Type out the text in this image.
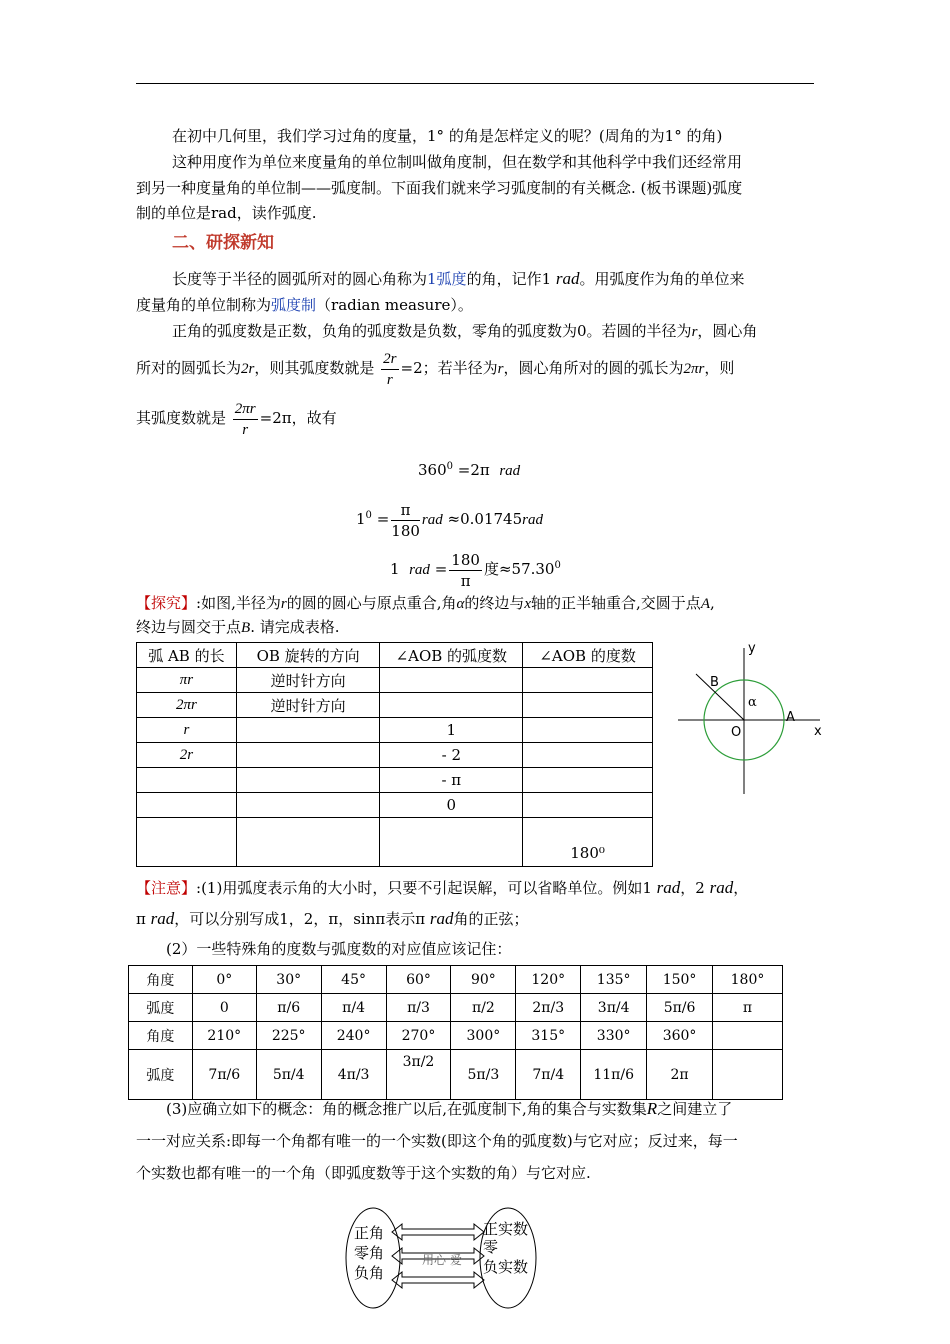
在初中几何里，我们学习过角的度量，1° 的角是怎样定义的呢？(周角的为1° 的角)
这种用度作为单位来度量角的单位制叫做角度制，但在数学和其他科学中我们还经常用
到另一种度量角的单位制——弧度制。下面我们就来学习弧度制的有关概念. (板书课题)弧度
制的单位是rad，读作弧度.
二、研探新知
长度等于半径的圆弧所对的圆心角称为1弧度的角，记作1 rad。用弧度作为角的单位来
度量角的单位制称为弧度制（radian measure）。
正角的弧度数是正数，负角的弧度数是负数，零角的弧度数为0。若圆的半径为r，圆心角
所对的圆弧长为2r，则其弧度数就是 $\frac{2r}{r} =2$；若半径为r，圆心角所对的圆的弧长为2πr，则
其弧度数就是 $\frac{2\pi r}{r} =2\pi$，故有
$360^0 =2\pi$ rad
$1^0 = \frac{\pi}{180}$ rad ≈0.01745rad
1 rad = $\frac{180}{\pi}$ 度$\approx 57.30^0$
【探究】:如图,半径为r的圆的圆心与原点重合,角α的终边与x轴的正半轴重合,交圆于点A,
终边与圆交于点B. 请完成表格.
弧 AB 的长	OB 旋转的方向	∠AOB 的弧度数	∠AOB 的度数
πr	逆时针方向		
2πr	逆时针方向		
r		1	
2r		- 2	
		- π	
		0	
			180⁰
y
x
O
A
B
α
【注意】:(1)用弧度表示角的大小时，只要不引起误解，可以省略单位。例如1 rad，2 rad，
π rad，可以分别写成1，2，π，sinπ表示π rad角的正弦；
(2）一些特殊角的度数与弧度数的对应值应该记住：
角度	0°	30°	45°	60°	90°	120°	135°	150°	180°
弧度	0	π/6	π/4	π/3	π/2	2π/3	3π/4	5π/6	π
角度	210°	225°	240°	270°	300°	315°	330°	360°	
弧度	7π/6	5π/4	4π/3	3π/2	5π/3	7π/4	11π/6	2π	
(3)应确立如下的概念：角的概念推广以后,在弧度制下,角的集合与实数集R之间建立了
一一对应关系:即每一个角都有唯一的一个实数(即这个角的弧度数)与它对应；反过来，每一
个实数也都有唯一的一个角（即弧度数等于这个实数的角）与它对应.
正角
零角
负角
正实数
零
负实数
用心 爱
